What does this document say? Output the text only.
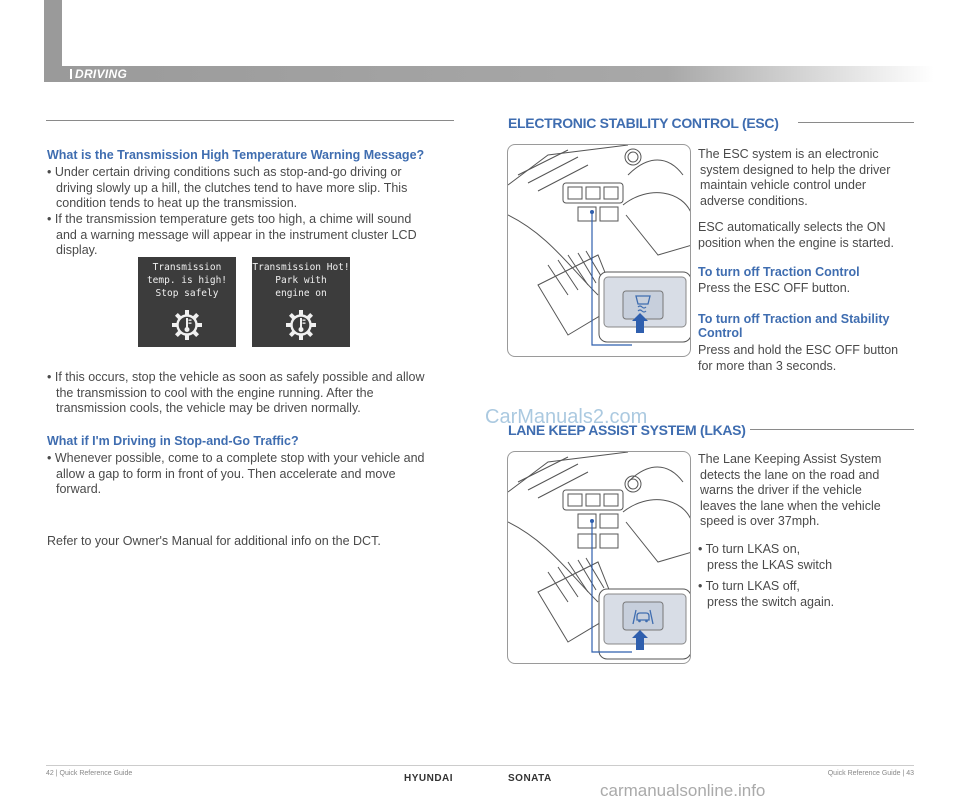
DRIVING
What is the Transmission High Temperature Warning Message?
• Under certain driving conditions such as stop-and-go driving or
driving slowly up a hill, the clutches tend to have more slip. This
condition tends to heat up the transmission.
• If the transmission temperature gets too high, a chime will sound
and a warning message will appear in the instrument cluster LCD
display.
Transmission
temp. is high!
Stop safely
Transmission Hot!
Park with
engine on
• If this occurs, stop the vehicle as soon as safely possible and allow
the transmission to cool with the engine running. After the
transmission cools, the vehicle may be driven normally.
What if I'm Driving in Stop-and-Go Traffic?
• Whenever possible, come to a complete stop with your vehicle and
allow a gap to form in front of you. Then accelerate and move
forward.
Refer to your Owner's Manual for additional info on the DCT.
ELECTRONIC STABILITY CONTROL (ESC)
The ESC system is an electronic
system designed to help the driver
maintain vehicle control under
adverse conditions.
ESC automatically selects the ON
position when the engine is started.
To turn off Traction Control
Press the ESC OFF button.
To turn off Traction and Stability
Control
Press and hold the ESC OFF button
for more than 3 seconds.
CarManuals2.com
LANE KEEP ASSIST SYSTEM (LKAS)
The Lane Keeping Assist System
detects the lane on the road and
warns the driver if the vehicle
leaves the lane when the vehicle
speed is over 37mph.
• To turn LKAS on,
press the LKAS switch
• To turn LKAS off,
press the switch again.
42 | Quick Reference Guide	Quick Reference Guide | 43
HYUNDAI	SONATA
carmanualsonline.info
